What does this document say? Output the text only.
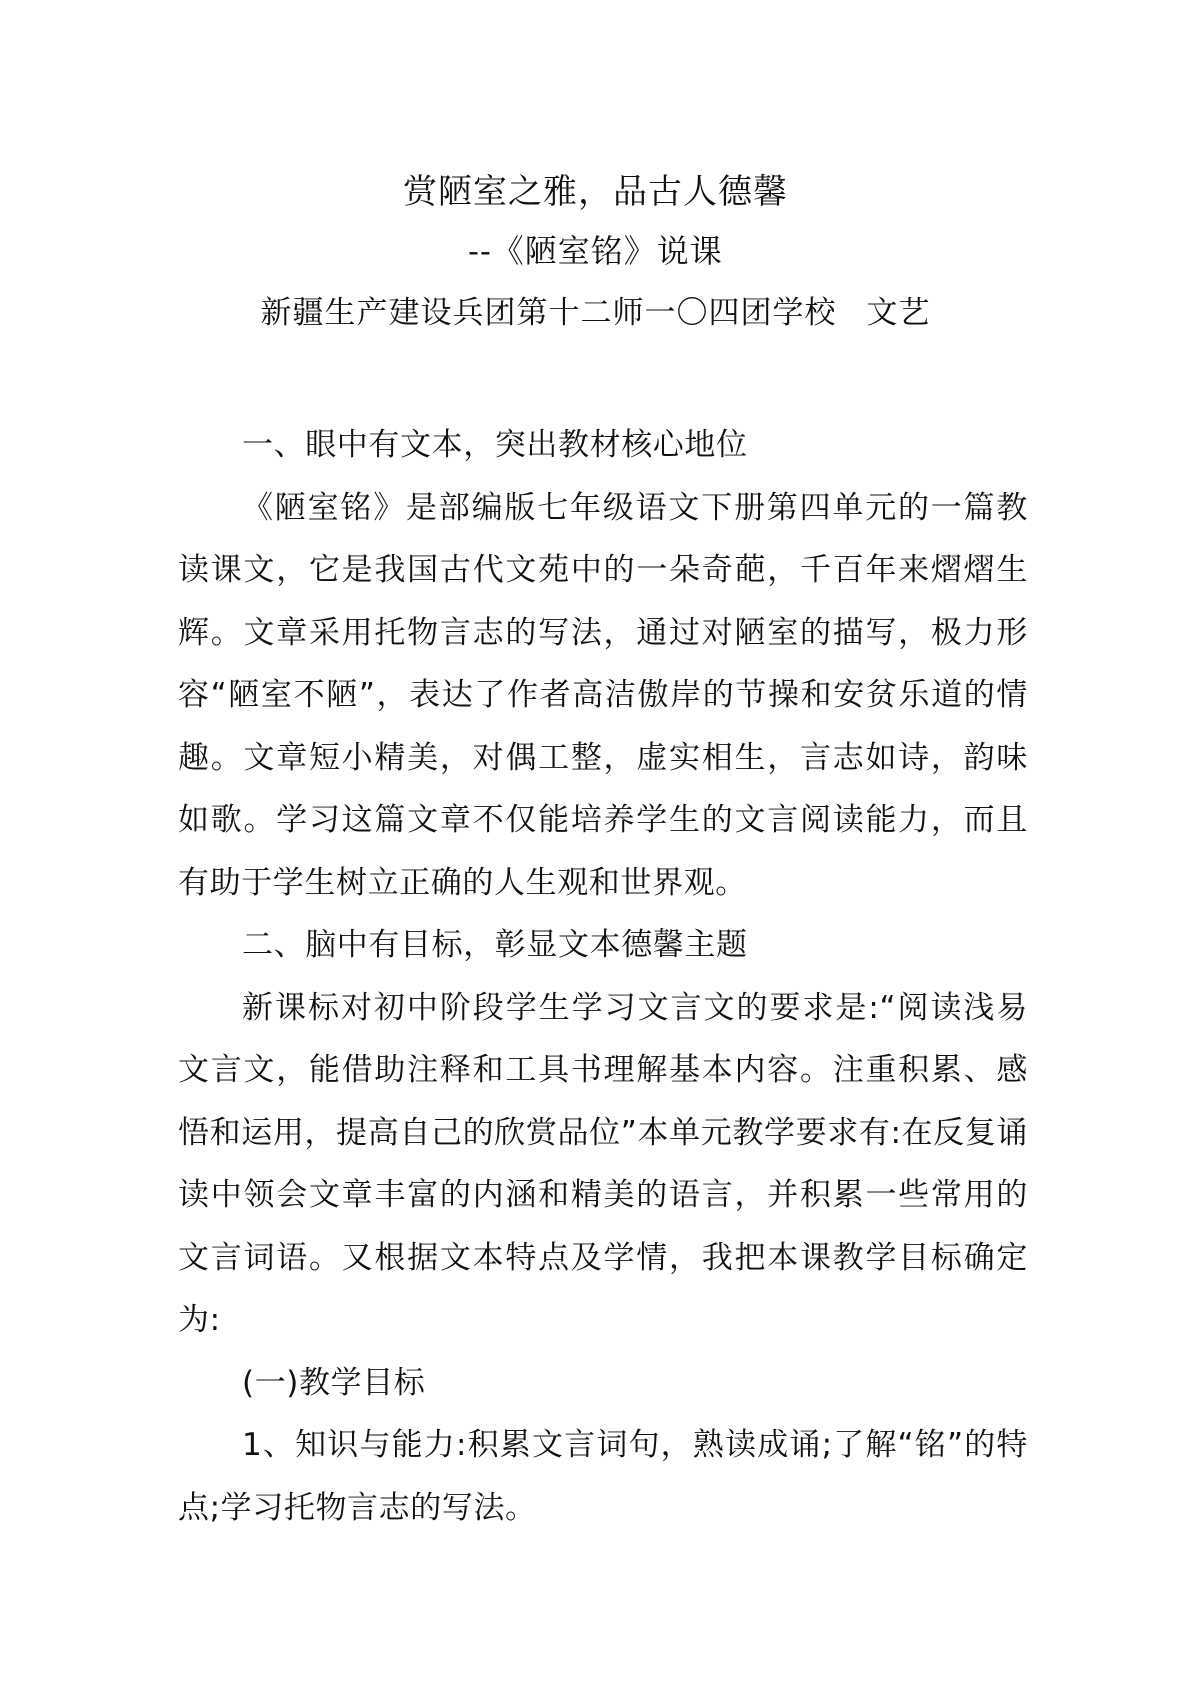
赏陋室之雅，品古人德馨
--《陋室铭》说课
新疆生产建设兵团第十二师一〇四团学校 文艺

一、眼中有文本，突出教材核心地位

《陋室铭》是部编版七年级语文下册第四单元的一篇教读课文，它是我国古代文苑中的一朵奇葩，千百年来熠熠生辉。文章采用托物言志的写法，通过对陋室的描写，极力形容“陋室不陋”，表达了作者高洁傲岸的节操和安贫乐道的情趣。文章短小精美，对偶工整，虚实相生，言志如诗，韵味如歌。学习这篇文章不仅能培养学生的文言阅读能力，而且有助于学生树立正确的人生观和世界观。

二、脑中有目标，彰显文本德馨主题

新课标对初中阶段学生学习文言文的要求是:“阅读浅易文言文，能借助注释和工具书理解基本内容。注重积累、感悟和运用，提高自己的欣赏品位”本单元教学要求有:在反复诵读中领会文章丰富的内涵和精美的语言，并积累一些常用的文言词语。又根据文本特点及学情，我把本课教学目标确定为:

(一)教学目标

1、知识与能力:积累文言词句，熟读成诵;了解“铭”的特点;学习托物言志的写法。
